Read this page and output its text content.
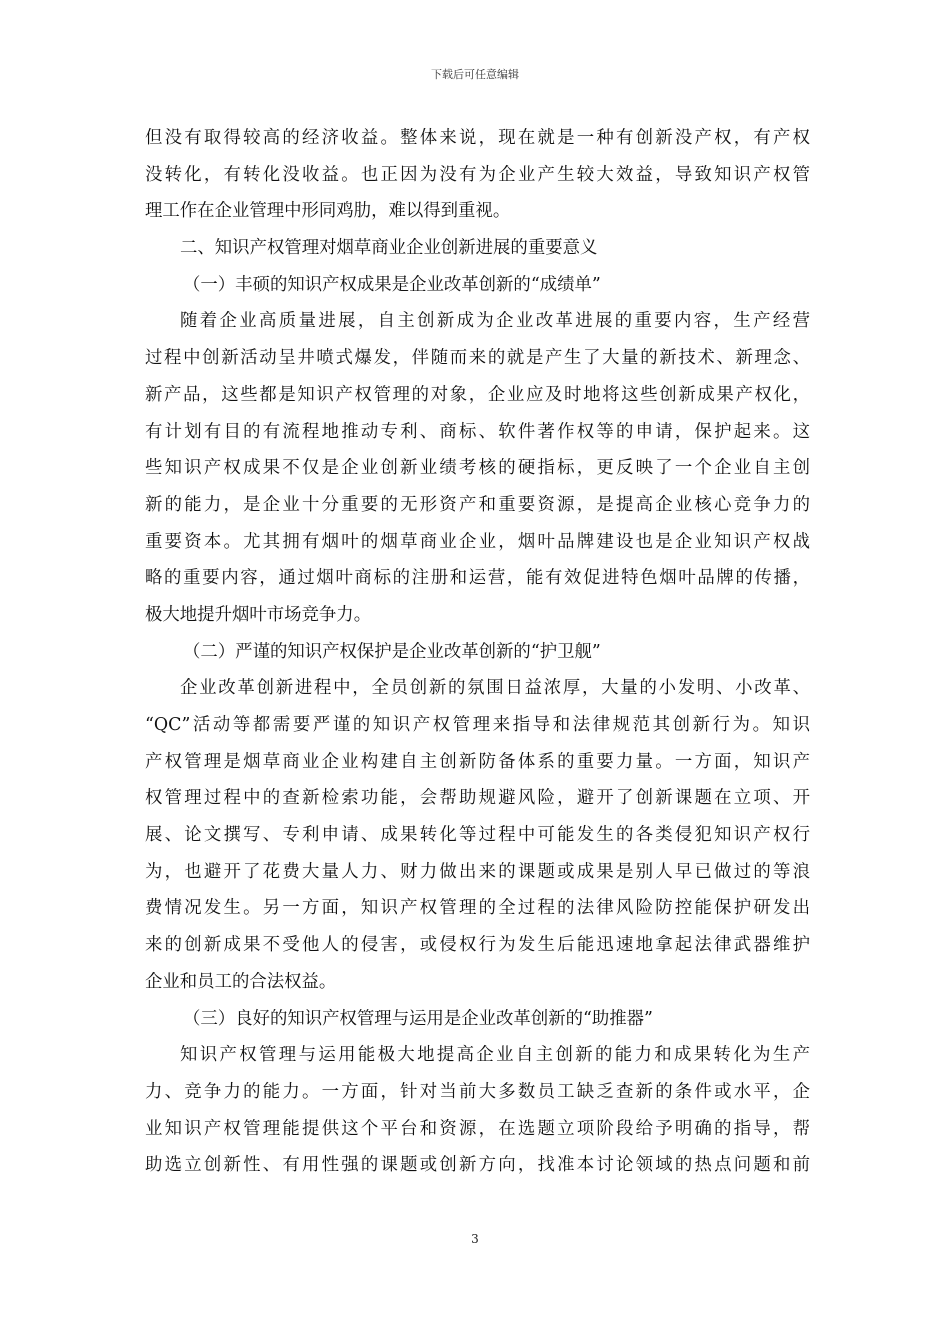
下载后可任意编辑
但没有取得较高的经济收益。整体来说，现在就是一种有创新没产权，有产权
没转化，有转化没收益。也正因为没有为企业产生较大效益，导致知识产权管
理工作在企业管理中形同鸡肋，难以得到重视。
二、知识产权管理对烟草商业企业创新进展的重要意义
（一）丰硕的知识产权成果是企业改革创新的“成绩单”
随着企业高质量进展，自主创新成为企业改革进展的重要内容，生产经营
过程中创新活动呈井喷式爆发，伴随而来的就是产生了大量的新技术、新理念、
新产品，这些都是知识产权管理的对象，企业应及时地将这些创新成果产权化，
有计划有目的有流程地推动专利、商标、软件著作权等的申请，保护起来。这
些知识产权成果不仅是企业创新业绩考核的硬指标，更反映了一个企业自主创
新的能力，是企业十分重要的无形资产和重要资源，是提高企业核心竞争力的
重要资本。尤其拥有烟叶的烟草商业企业，烟叶品牌建设也是企业知识产权战
略的重要内容，通过烟叶商标的注册和运营，能有效促进特色烟叶品牌的传播，
极大地提升烟叶市场竞争力。
（二）严谨的知识产权保护是企业改革创新的“护卫舰”
企业改革创新进程中，全员创新的氛围日益浓厚，大量的小发明、小改革、
“QC”活动等都需要严谨的知识产权管理来指导和法律规范其创新行为。知识
产权管理是烟草商业企业构建自主创新防备体系的重要力量。一方面，知识产
权管理过程中的查新检索功能，会帮助规避风险，避开了创新课题在立项、开
展、论文撰写、专利申请、成果转化等过程中可能发生的各类侵犯知识产权行
为，也避开了花费大量人力、财力做出来的课题或成果是别人早已做过的等浪
费情况发生。另一方面，知识产权管理的全过程的法律风险防控能保护研发出
来的创新成果不受他人的侵害，或侵权行为发生后能迅速地拿起法律武器维护
企业和员工的合法权益。
（三）良好的知识产权管理与运用是企业改革创新的“助推器”
知识产权管理与运用能极大地提高企业自主创新的能力和成果转化为生产
力、竞争力的能力。一方面，针对当前大多数员工缺乏查新的条件或水平，企
业知识产权管理能提供这个平台和资源，在选题立项阶段给予明确的指导，帮
助选立创新性、有用性强的课题或创新方向，找准本讨论领域的热点问题和前
3
